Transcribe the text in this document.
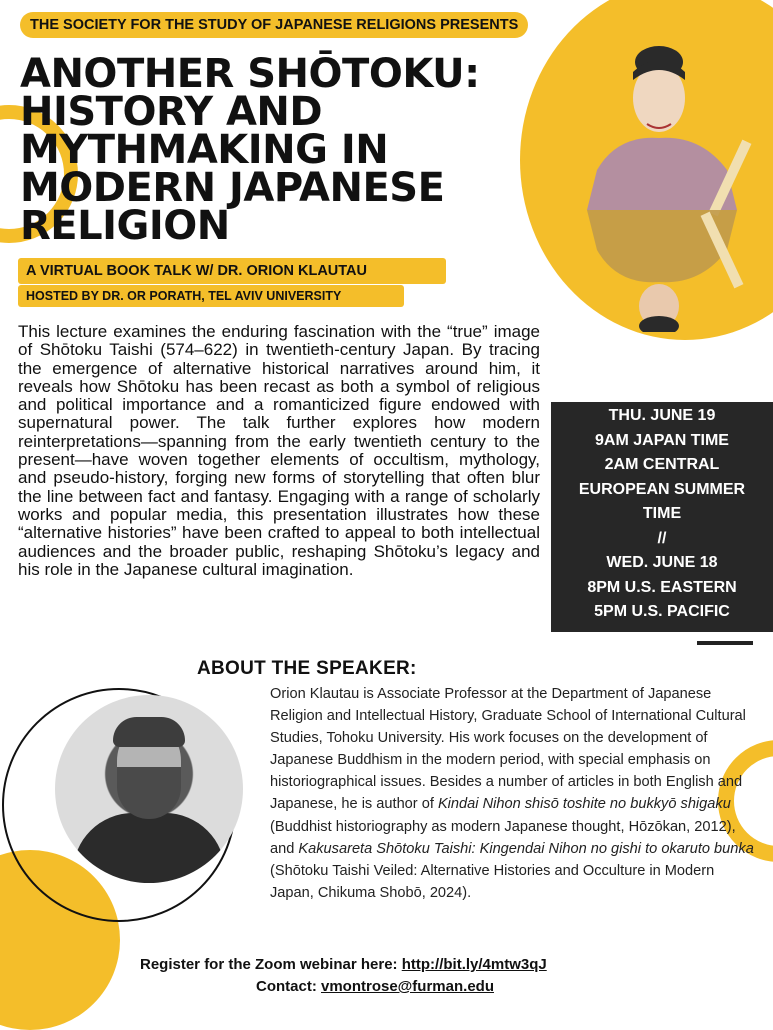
THE SOCIETY FOR THE STUDY OF JAPANESE RELIGIONS PRESENTS
ANOTHER SHŌTOKU:
HISTORY AND
MYTHMAKING IN
MODERN JAPANESE
RELIGION
A VIRTUAL BOOK TALK W/ DR. ORION KLAUTAU
HOSTED BY DR. OR PORATH, TEL AVIV UNIVERSITY
This lecture examines the enduring fascination with the “true” image of Shōtoku Taishi (574–622) in twentieth-century Japan. By tracing the emergence of alternative historical narratives around him, it reveals how Shōtoku has been recast as both a symbol of religious and political importance and a romanticized figure endowed with supernatural power. The talk further explores how modern reinterpretations—spanning from the early twentieth century to the present—have woven together elements of occultism, mythology, and pseudo-history, forging new forms of storytelling that often blur the line between fact and fantasy. Engaging with a range of scholarly works and popular media, this presentation illustrates how these “alternative histories” have been crafted to appeal to both intellectual audiences and the broader public, reshaping Shōtoku’s legacy and his role in the Japanese cultural imagination.
THU. JUNE 19
9AM JAPAN TIME
2AM CENTRAL
EUROPEAN SUMMER
TIME
//
WED. JUNE 18
8PM U.S. EASTERN
5PM U.S. PACIFIC
ABOUT THE SPEAKER:
Orion Klautau is Associate Professor at the Department of Japanese Religion and Intellectual History, Graduate School of International Cultural Studies, Tohoku University. His work focuses on the development of Japanese Buddhism in the modern period, with special emphasis on historiographical issues. Besides a number of articles in both English and Japanese, he is author of Kindai Nihon shisō toshite no bukkyō shigaku (Buddhist historiography as modern Japanese thought, Hōzōkan, 2012), and Kakusareta Shōtoku Taishi: Kingendai Nihon no gishi to okaruto bunka (Shōtoku Taishi Veiled: Alternative Histories and Occulture in Modern Japan, Chikuma Shobō, 2024).
Register for the Zoom webinar here: http://bit.ly/4mtw3qJ
Contact: vmontrose@furman.edu
